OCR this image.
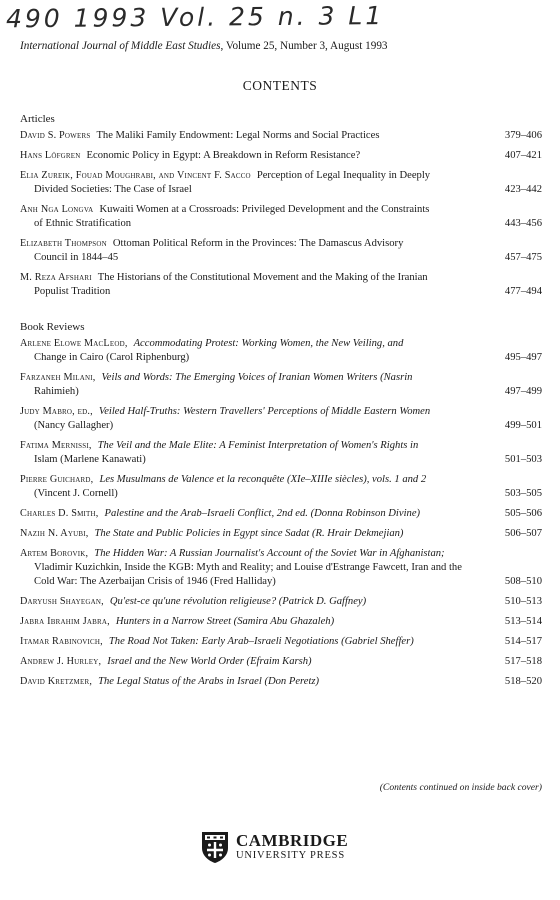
490 1993 Vol. 25 n. 3 L1
International Journal of Middle East Studies, Volume 25, Number 3, August 1993
CONTENTS
Articles
David S. Powers The Maliki Family Endowment: Legal Norms and Social Practices	379–406
Hans Löfgren Economic Policy in Egypt: A Breakdown in Reform Resistance?	407–421
Elia Zureik, Fouad Moughrabi, and Vincent F. Sacco Perception of Legal Inequality in Deeply
Divided Societies: The Case of Israel	423–442
Anh Nga Longva Kuwaiti Women at a Crossroads: Privileged Development and the Constraints
of Ethnic Stratification	443–456
Elizabeth Thompson Ottoman Political Reform in the Provinces: The Damascus Advisory
Council in 1844–45	457–475
M. Reza Afshari The Historians of the Constitutional Movement and the Making of the Iranian
Populist Tradition	477–494
Book Reviews
Arlene Elowe MacLeod, Accommodating Protest: Working Women, the New Veiling, and
Change in Cairo (Carol Riphenburg)	495–497
Farzaneh Milani, Veils and Words: The Emerging Voices of Iranian Women Writers (Nasrin
Rahimieh)	497–499
Judy Mabro, ed., Veiled Half-Truths: Western Travellers' Perceptions of Middle Eastern Women
(Nancy Gallagher)	499–501
Fatima Mernissi, The Veil and the Male Elite: A Feminist Interpretation of Women's Rights in
Islam (Marlene Kanawati)	501–503
Pierre Guichard, Les Musulmans de Valence et la reconquête (XIe–XIIIe siècles), vols. 1 and 2
(Vincent J. Cornell)	503–505
Charles D. Smith, Palestine and the Arab–Israeli Conflict, 2nd ed. (Donna Robinson Divine)	505–506
Nazih N. Ayubi, The State and Public Policies in Egypt since Sadat (R. Hrair Dekmejian)	506–507
Artem Borovik, The Hidden War: A Russian Journalist's Account of the Soviet War in Afghanistan;
Vladimir Kuzichkin, Inside the KGB: Myth and Reality; and Louise d'Estrange Fawcett, Iran and the Cold War: The Azerbaijan Crisis of 1946 (Fred Halliday)	508–510
Daryush Shayegan, Qu'est-ce qu'une révolution religieuse? (Patrick D. Gaffney)	510–513
Jabra Ibrahim Jabra, Hunters in a Narrow Street (Samira Abu Ghazaleh)	513–514
Itamar Rabinovich, The Road Not Taken: Early Arab–Israeli Negotiations (Gabriel Sheffer)	514–517
Andrew J. Hurley, Israel and the New World Order (Efraim Karsh)	517–518
David Kretzmer, The Legal Status of the Arabs in Israel (Don Peretz)	518–520
(Contents continued on inside back cover)
CAMBRIDGE
UNIVERSITY PRESS
